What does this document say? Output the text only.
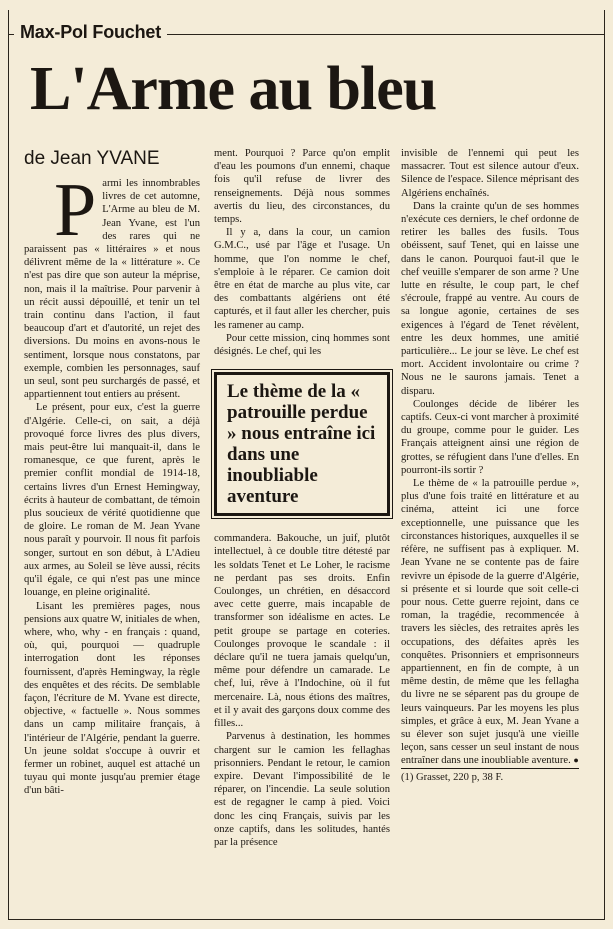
Max-Pol Fouchet
L'Arme au bleu
de Jean YVANE
P armi les innombrables livres de cet automne, L'Arme au bleu de M. Jean Yvane, est l'un des rares qui ne paraissent pas « littéraires » et nous délivrent même de la « littérature ». Ce n'est pas dire que son auteur la méprise, non, mais il la maîtrise. Pour parvenir à un récit aussi dépouillé, et tenir un tel train continu dans l'action, il faut beaucoup d'art et d'autorité, un rejet des diversions. Du moins en avons-nous le sentiment, lorsque nous constatons, par exemple, combien les personnages, sauf un seul, sont peu surchargés de passé, et appartiennent tout entiers au présent.

Le présent, pour eux, c'est la guerre d'Algérie. Celle-ci, on sait, a déjà provoqué force livres des plus divers, mais peut-être lui manquait-il, dans le romanesque, ce que furent, après le premier conflit mondial de 1914-18, certains livres d'un Ernest Hemingway, écrits à hauteur de combattant, de témoin plus soucieux de vérité quotidienne que de gloire. Le roman de M. Jean Yvane nous paraît y pourvoir. Il nous fit parfois songer, surtout en son début, à L'Adieu aux armes, au Soleil se lève aussi, récits qu'il égale, ce qui n'est pas une mince louange, en pleine originalité.

Lisant les premières pages, nous pensions aux quatre W, initiales de when, where, who, why - en français : quand, où, qui, pourquoi — quadruple interrogation dont les réponses fournissent, d'après Hemingway, la règle des enquêtes et des récits. De semblable façon, l'écriture de M. Yvane est directe, objective, « factuelle ». Nous sommes dans un camp militaire français, à l'intérieur de l'Algérie, pendant la guerre. Un jeune soldat s'occupe à ouvrir et fermer un robinet, auquel est attaché un tuyau qui monte jusqu'au premier étage d'un bâti-

ment. Pourquoi ? Parce qu'on emplit d'eau les poumons d'un ennemi, chaque fois qu'il refuse de livrer des renseignements. Déjà nous sommes avertis du lieu, des circonstances, du temps.

Il y a, dans la cour, un camion G.M.C., usé par l'âge et l'usage. Un homme, que l'on nomme le chef, s'emploie à le réparer. Ce camion doit être en état de marche au plus vite, car des combattants algériens ont été capturés, et il faut aller les chercher, puis les ramener au camp.

Pour cette mission, cinq hommes sont désignés. Le chef, qui les

Le thème de la « patrouille perdue » nous entraîne ici dans une inoubliable aventure

commandera. Bakouche, un juif, plutôt intellectuel, à ce double titre détesté par les soldats Tenet et Le Loher, le racisme ne perdant pas ses droits. Enfin Coulonges, un chrétien, en désaccord avec cette guerre, mais incapable de transformer son idéalisme en actes. Le petit groupe se partage en coteries. Coulonges provoque le scandale : il déclare qu'il ne tuera jamais quelqu'un, même pour défendre un camarade. Le chef, lui, rêve à l'Indochine, où il fut mercenaire. Là, nous étions des maîtres, et il y avait des garçons doux comme des filles...

Parvenus à destination, les hommes chargent sur le camion les fellaghas prisonniers. Pendant le retour, le camion expire. Devant l'impossibilité de le réparer, on l'incendie. La seule solution est de regagner le camp à pied. Voici donc les cinq Français, suivis par les onze captifs, dans les solitudes, hantés par la présence

invisible de l'ennemi qui peut les massacrer. Tout est silence autour d'eux. Silence de l'espace. Silence méprisant des Algériens enchaînés.

Dans la crainte qu'un de ses hommes n'exécute ces derniers, le chef ordonne de retirer les balles des fusils. Tous obéissent, sauf Tenet, qui en laisse une dans le canon. Pourquoi faut-il que le chef veuille s'emparer de son arme ? Une lutte en résulte, le coup part, le chef s'écroule, frappé au ventre. Au cours de sa longue agonie, certaines de ses exigences à l'égard de Tenet révèlent, entre les deux hommes, une amitié particulière... Le jour se lève. Le chef est mort. Accident involontaire ou crime ? Nous ne le saurons jamais. Tenet a disparu.

Coulonges décide de libérer les captifs. Ceux-ci vont marcher à proximité du groupe, comme pour le guider. Les Français atteignent ainsi une région de grottes, se réfugient dans l'une d'elles. En pourront-ils sortir ?

Le thème de « la patrouille perdue », plus d'une fois traité en littérature et au cinéma, atteint ici une force exceptionnelle, une puissance que les circonstances historiques, auxquelles il se réfère, ne suffisent pas à expliquer. M. Jean Yvane ne se contente pas de faire revivre un épisode de la guerre d'Algérie, si présente et si lourde que soit celle-ci pour nous. Cette guerre rejoint, dans ce roman, la tragédie, recommencée à travers les siècles, des retraites après les occupations, des défaites après les conquêtes. Prisonniers et emprisonneurs appartiennent, en fin de compte, à un même destin, de même que les fellagha du livre ne se séparent pas du groupe de leurs vainqueurs. Par les moyens les plus simples, et grâce à eux, M. Jean Yvane a su élever son sujet jusqu'à une vieille leçon, sans cesser un seul instant de nous entraîner dans une inoubliable aventure. ●

(1) Grasset, 220 p, 38 F.
